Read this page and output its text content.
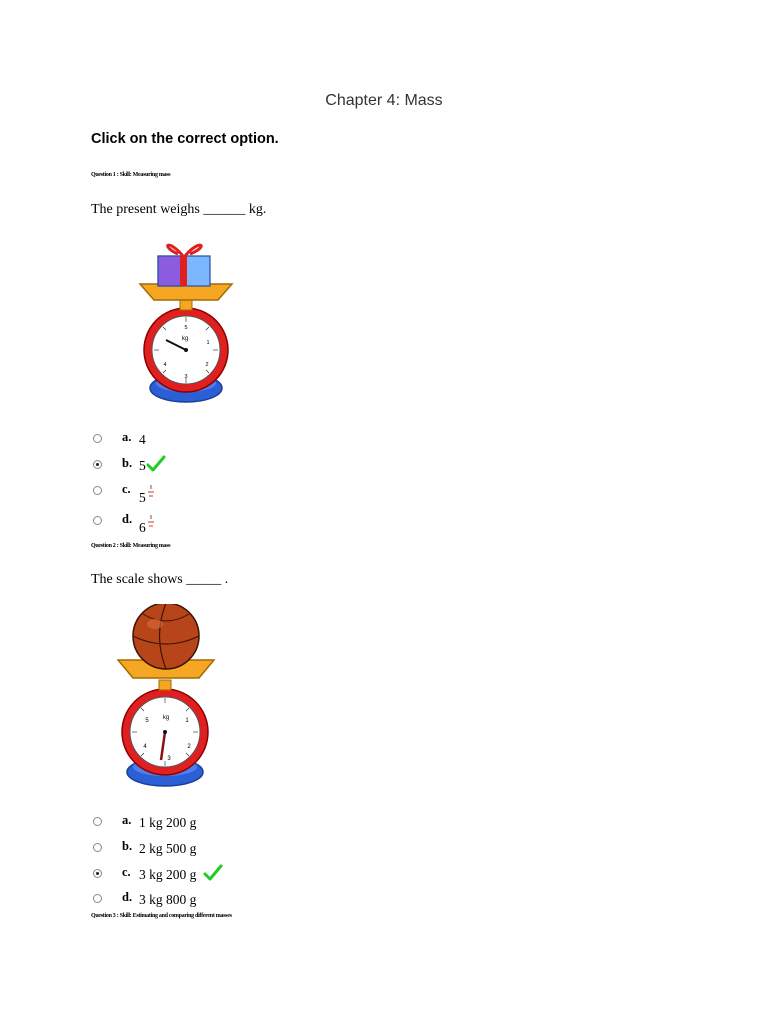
Chapter 4: Mass
Click on the correct option.
Question 1 : Skill: Measuring mass
The present weighs ______ kg.
5
kg
1
2
3
4
a. 4
b. 5
c.
5
d.
6
Question 2 : Skill: Measuring mass
The scale shows _____ .
kg
5	1
2
3
4
a. 1 kg 200 g
b. 2 kg 500 g
c. 3 kg 200 g
d. 3 kg 800 g
Question 3 : Skill: Estimating and comparing different masses
